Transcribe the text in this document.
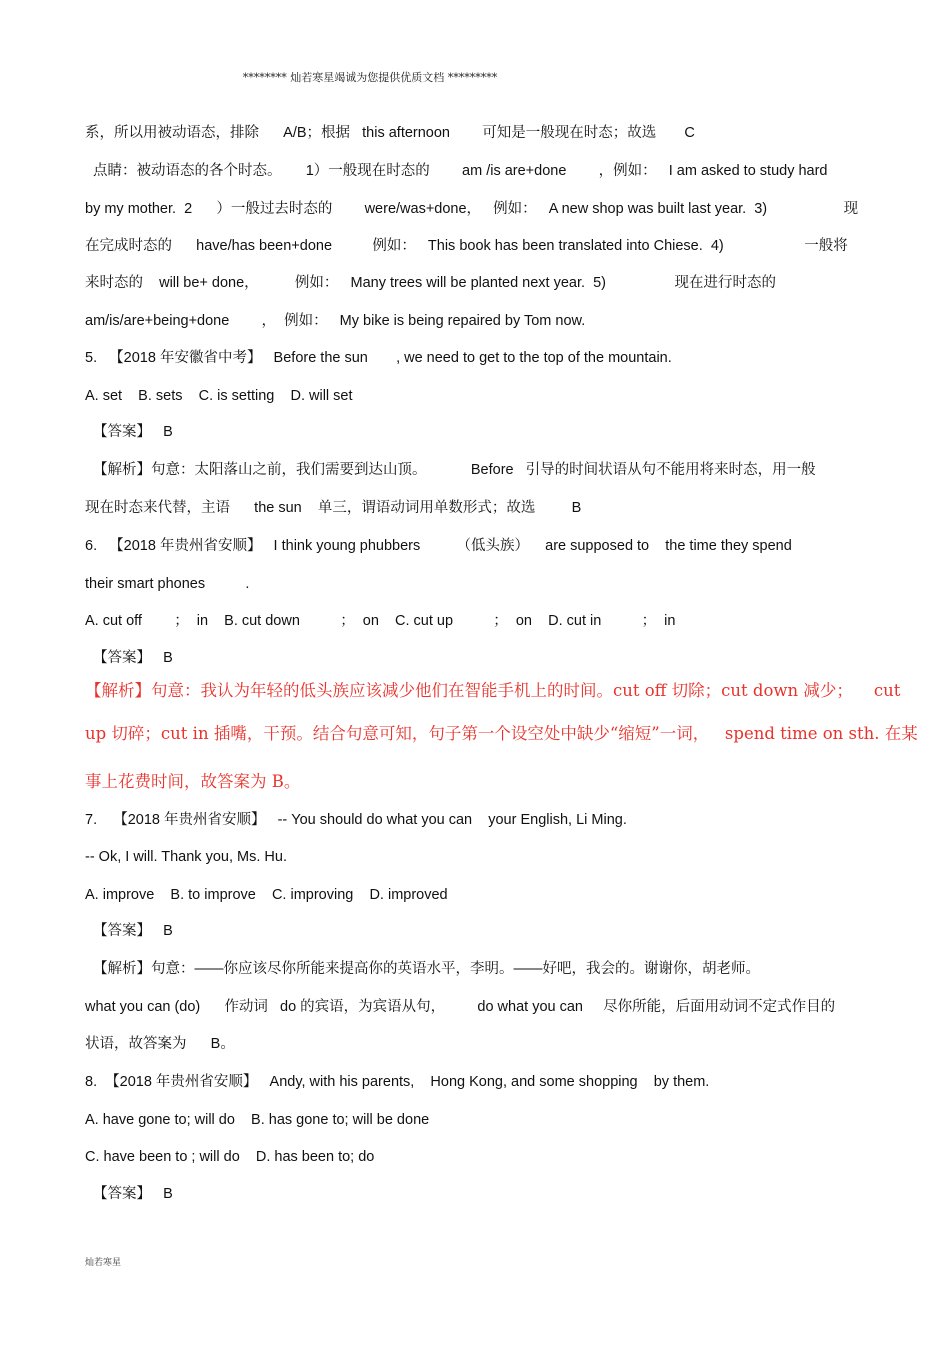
******** 灿若寒星竭诚为您提供优质文档 *********
系，所以用被动语态，排除      A/B；根据   this afternoon        可知是一般现在时态；故选       C
点睛：被动语态的各个时态。      1）一般现在时态的        am /is are+done        ，例如：   I am asked to study hard
by my mother.  2      ）一般过去时态的        were/was+done，   例如：   A new shop was built last year.  3)                   现
在完成时态的      have/has been+done          例如：   This book has been translated into Chiese.  4)                    一般将
来时态的    will be+ done，         例如：   Many trees will be planted next year.  5)                 现在进行时态的
am/is/are+being+done        ，  例如：   My bike is being repaired by Tom now.
5.   【2018 年安徽省中考】   Before the sun       , we need to get to the top of the mountain.
A. set    B. sets    C. is setting    D. will set
【答案】   B
【解析】句意：太阳落山之前，我们需要到达山顶。           Before   引导的时间状语从句不能用将来时态，用一般
现在时态来代替，主语      the sun    单三，谓语动词用单数形式；故选         B
6.   【2018 年贵州省安顺】   I think young phubbers         （低头族）    are supposed to    the time they spend
their smart phones          .
A. cut off        ；  in    B. cut down          ；  on    C. cut up          ；  on    D. cut in          ；  in
【答案】   B
【解析】句意：我认为年轻的低头族应该减少他们在智能手机上的时间。cut off 切除；cut down 减少；    cut
up 切碎；cut in 插嘴，干预。结合句意可知，句子第一个设空处中缺少“缩短”一词，   spend time on sth. 在某
事上花费时间，故答案为 B。
7.    【2018 年贵州省安顺】   -- You should do what you can    your English, Li Ming.
-- Ok, I will. Thank you, Ms. Hu.
A. improve    B. to improve    C. improving    D. improved
【答案】   B
【解析】句意：——你应该尽你所能来提高你的英语水平，李明。——好吧，我会的。谢谢你，胡老师。
what you can (do)      作动词   do 的宾语，为宾语从句，        do what you can     尽你所能，后面用动词不定式作目的
状语，故答案为      B。
8.  【2018 年贵州省安顺】   Andy, with his parents,    Hong Kong, and some shopping    by them.
A. have gone to; will do    B. has gone to; will be done
C. have been to ; will do    D. has been to; do
【答案】   B
灿若寒星
